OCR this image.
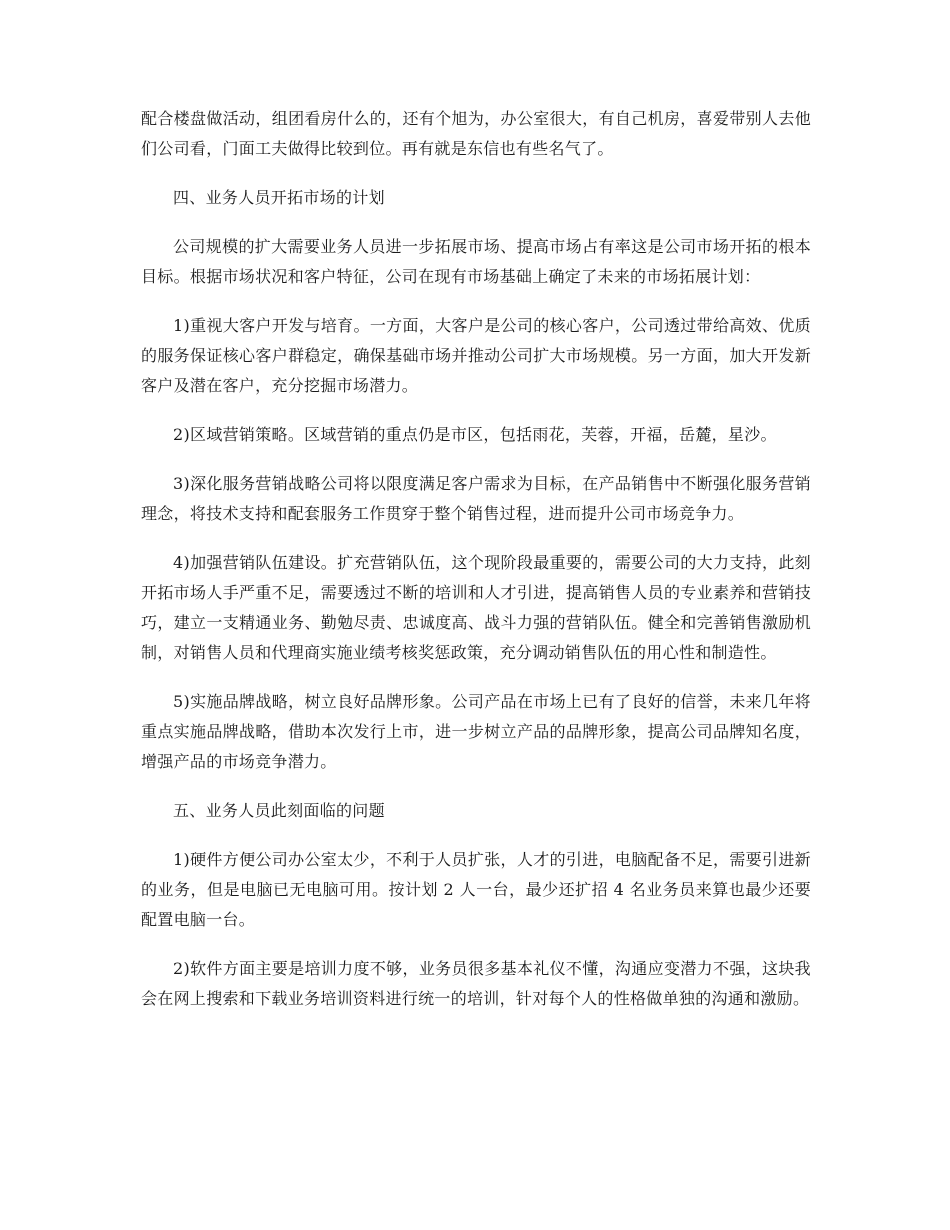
配合楼盘做活动，组团看房什么的，还有个旭为，办公室很大，有自己机房，喜爱带别人去他们公司看，门面工夫做得比较到位。再有就是东信也有些名气了。

四、业务人员开拓市场的计划

公司规模的扩大需要业务人员进一步拓展市场、提高市场占有率这是公司市场开拓的根本目标。根据市场状况和客户特征，公司在现有市场基础上确定了未来的市场拓展计划：

1)重视大客户开发与培育。一方面，大客户是公司的核心客户，公司透过带给高效、优质的服务保证核心客户群稳定，确保基础市场并推动公司扩大市场规模。另一方面，加大开发新客户及潜在客户，充分挖掘市场潜力。

2)区域营销策略。区域营销的重点仍是市区，包括雨花，芙蓉，开福，岳麓，星沙。

3)深化服务营销战略公司将以限度满足客户需求为目标，在产品销售中不断强化服务营销理念，将技术支持和配套服务工作贯穿于整个销售过程，进而提升公司市场竞争力。

4)加强营销队伍建设。扩充营销队伍，这个现阶段最重要的，需要公司的大力支持，此刻开拓市场人手严重不足，需要透过不断的培训和人才引进，提高销售人员的专业素养和营销技巧，建立一支精通业务、勤勉尽责、忠诚度高、战斗力强的营销队伍。健全和完善销售激励机制，对销售人员和代理商实施业绩考核奖惩政策，充分调动销售队伍的用心性和制造性。

5)实施品牌战略，树立良好品牌形象。公司产品在市场上已有了良好的信誉，未来几年将重点实施品牌战略，借助本次发行上市，进一步树立产品的品牌形象，提高公司品牌知名度，增强产品的市场竞争潜力。

五、业务人员此刻面临的问题

1)硬件方便公司办公室太少，不利于人员扩张，人才的引进，电脑配备不足，需要引进新的业务，但是电脑已无电脑可用。按计划 2 人一台，最少还扩招 4 名业务员来算也最少还要配置电脑一台。

2)软件方面主要是培训力度不够，业务员很多基本礼仪不懂，沟通应变潜力不强，这块我会在网上搜索和下载业务培训资料进行统一的培训，针对每个人的性格做单独的沟通和激励。
